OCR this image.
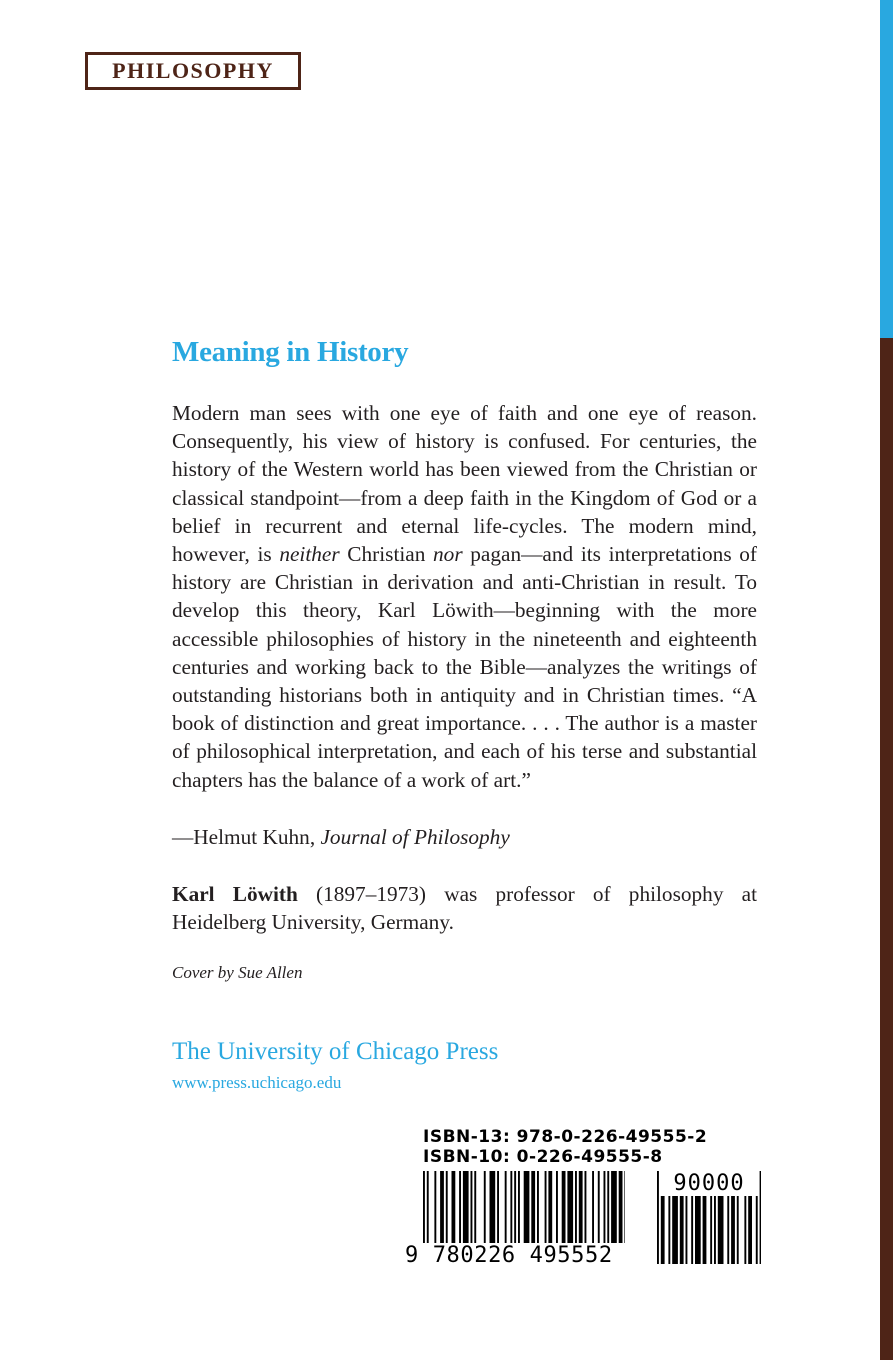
PHILOSOPHY
Meaning in History
Modern man sees with one eye of faith and one eye of reason. Consequently, his view of history is confused. For centuries, the history of the Western world has been viewed from the Christian or classical standpoint—from a deep faith in the Kingdom of God or a belief in recurrent and eternal life-cycles. The modern mind, however, is neither Christian nor pagan—and its interpretations of history are Christian in derivation and anti-Christian in result. To develop this theory, Karl Löwith—beginning with the more accessible philosophies of history in the nineteenth and eighteenth centuries and working back to the Bible—analyzes the writings of outstanding historians both in antiquity and in Christian times. “A book of distinction and great importance. . . . The author is a master of philosophical interpretation, and each of his terse and substantial chapters has the balance of a work of art.”
—Helmut Kuhn, Journal of Philosophy
Karl Löwith (1897–1973) was professor of philosophy at Heidelberg University, Germany.
Cover by Sue Allen
The University of Chicago Press
www.press.uchicago.edu
ISBN-13: 978-0-226-49555-2
ISBN-10: 0-226-49555-8
9 780226 495552
90000
